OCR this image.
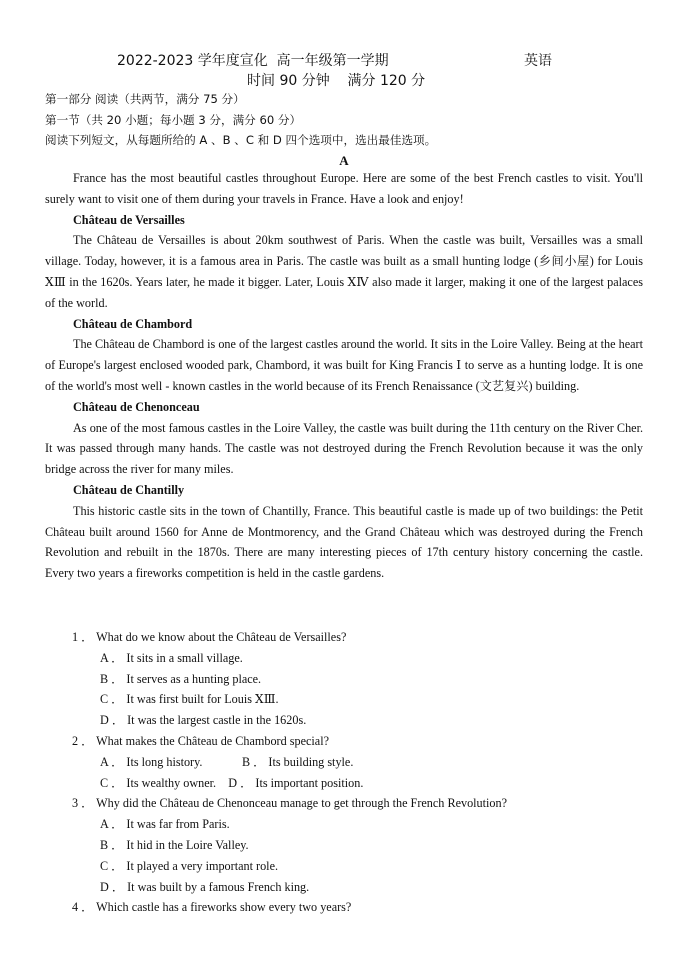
2022-2023 学年度宣化  高一年级第一学期	英语
时间 90 分钟    满分 120 分
第一部分 阅读（共两节，满分 75 分）
第一节（共 20 小题；每小题 3 分，满分 60 分）
阅读下列短文，从每题所给的 A 、B 、C 和 D 四个选项中，选出最佳选项。
A

France has the most beautiful castles throughout Europe. Here are some of the best French castles to visit. You'll surely want to visit one of them during your travels in France. Have a look and enjoy!

Château de Versailles

The Château de Versailles is about 20km southwest of Paris. When the castle was built, Versailles was a small village. Today, however, it is a famous area in Paris. The castle was built as a small hunting lodge (乡间小屋) for Louis ⅩⅢ in the 1620s. Years later, he made it bigger. Later, Louis ⅩⅣ also made it larger, making it one of the largest palaces of the world.

Château de Chambord

The Château de Chambord is one of the largest castles around the world. It sits in the Loire Valley. Being at the heart of Europe's largest enclosed wooded park, Chambord, it was built for King Francis Ⅰ to serve as a hunting lodge. It is one of the world's most well - known castles in the world because of its French Renaissance (文艺复兴) building.

Château de Chenonceau

As one of the most famous castles in the Loire Valley, the castle was built during the 11th century on the River Cher. It was passed through many hands. The castle was not destroyed during the French Revolution because it was the only bridge across the river for many miles.

Château de Chantilly

This historic castle sits in the town of Chantilly, France. This beautiful castle is made up of two buildings: the Petit Château built around 1560 for Anne de Montmorency, and the Grand Château which was destroyed during the French Revolution and rebuilt in the 1870s. There are many interesting pieces of 17th century history concerning the castle. Every two years a fireworks competition is held in the castle gardens.

1 ． What do we know about the Château de Versailles?

A ． It sits in a small village.

B ． It serves as a hunting place.

C ． It was first built for Louis ⅩⅢ.

D ． It was the largest castle in the 1620s.

2 ． What makes the Château de Chambord special?

A ． Its long history.	B ． Its building style.

C ． Its wealthy owner. D ． Its important position.

3 ． Why did the Château de Chenonceau manage to get through the French Revolution?

A ． It was far from Paris.

B ． It hid in the Loire Valley.

C ． It played a very important role.

D ． It was built by a famous French king.

4 ． Which castle has a fireworks show every two years?
